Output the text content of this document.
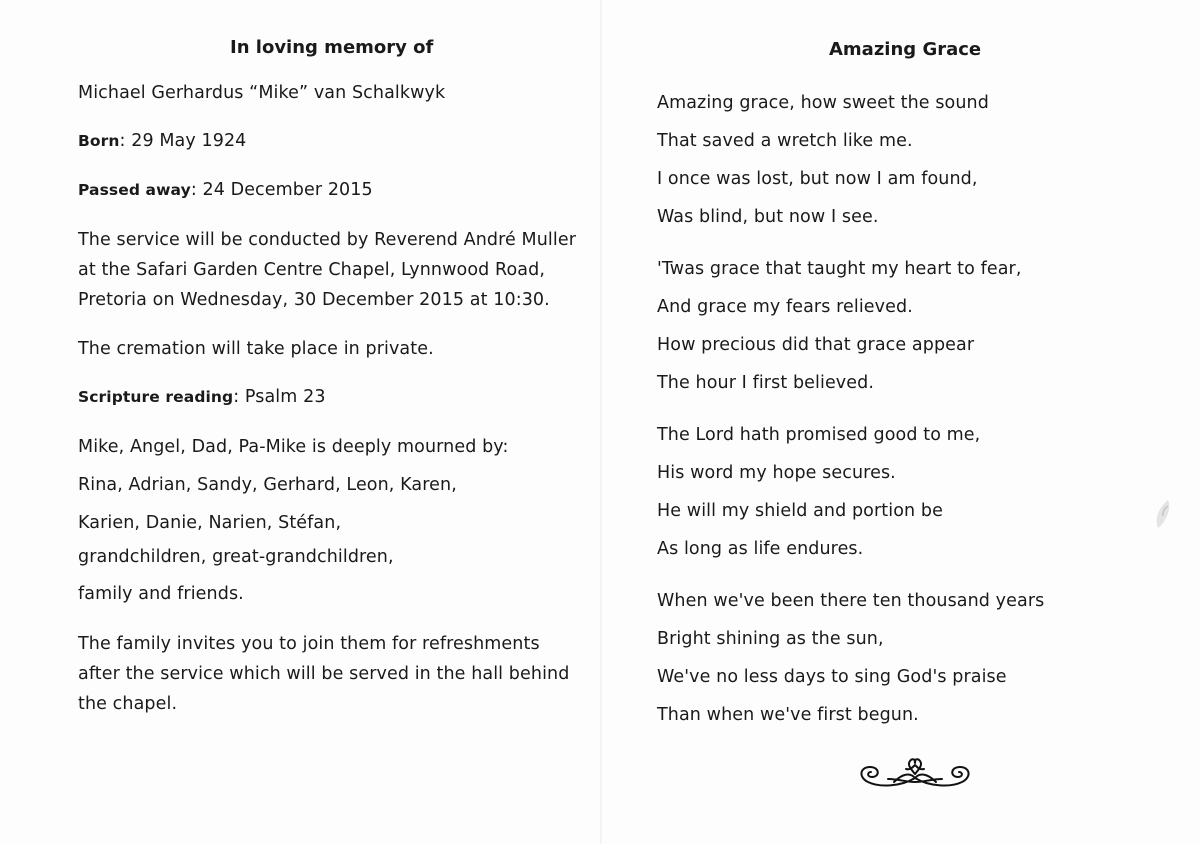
In loving memory of
Michael Gerhardus “Mike” van Schalkwyk
Born: 29 May 1924
Passed away: 24 December 2015
The service will be conducted by Reverend André Muller
at the Safari Garden Centre Chapel, Lynnwood Road,
Pretoria on Wednesday, 30 December 2015 at 10:30.
The cremation will take place in private.
Scripture reading: Psalm 23
Mike, Angel, Dad, Pa-Mike is deeply mourned by:
Rina, Adrian, Sandy, Gerhard, Leon, Karen,
Karien, Danie, Narien, Stéfan,
grandchildren, great-grandchildren,
family and friends.
The family invites you to join them for refreshments
after the service which will be served in the hall behind
the chapel.
Amazing Grace
Amazing grace, how sweet the sound
That saved a wretch like me.
I once was lost, but now I am found,
Was blind, but now I see.
'Twas grace that taught my heart to fear,
And grace my fears relieved.
How precious did that grace appear
The hour I first believed.
The Lord hath promised good to me,
His word my hope secures.
He will my shield and portion be
As long as life endures.
When we've been there ten thousand years
Bright shining as the sun,
We've no less days to sing God's praise
Than when we've first begun.
